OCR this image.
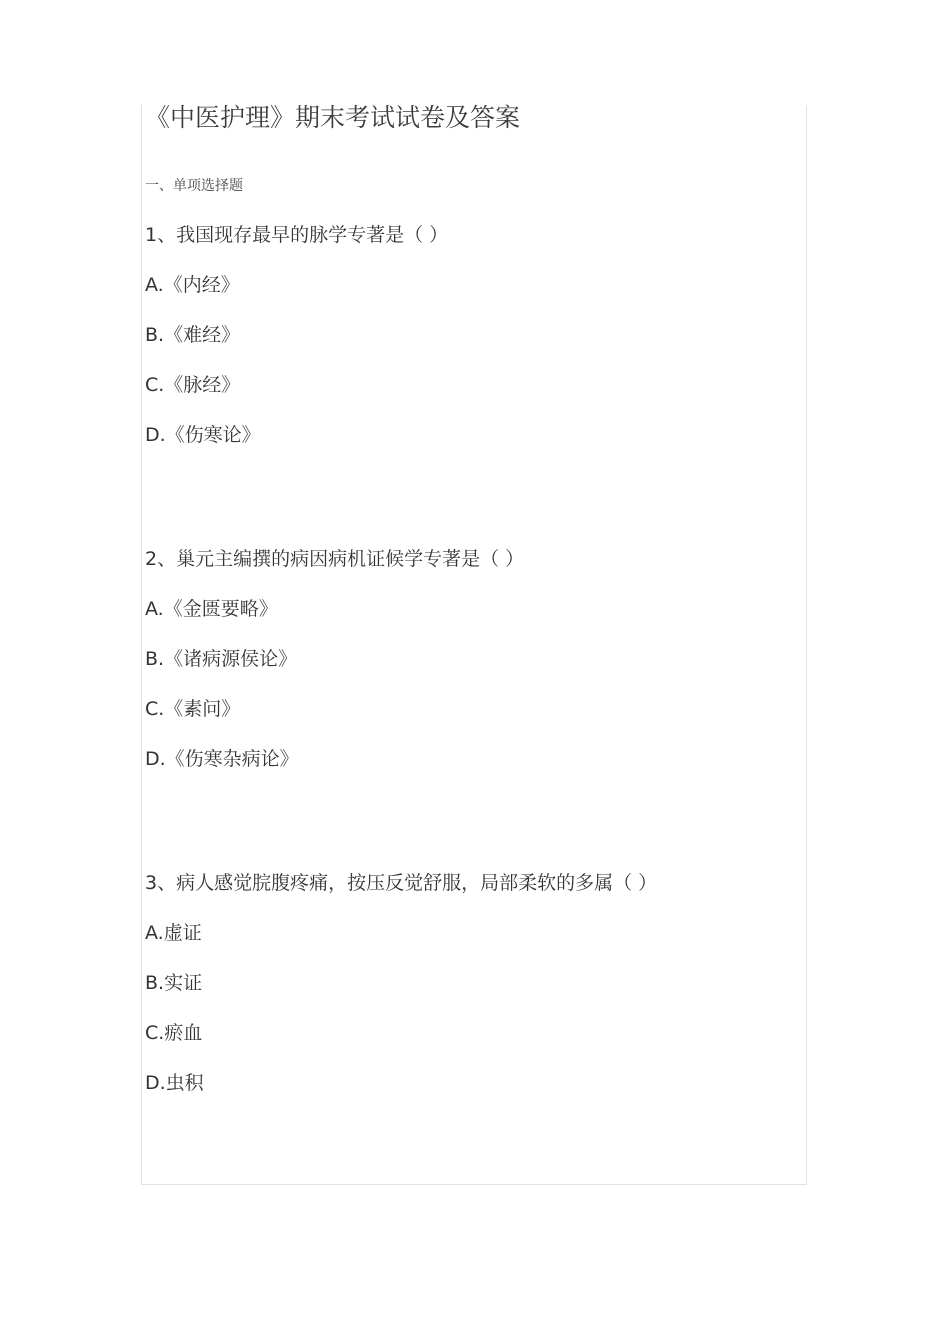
《中医护理》期末考试试卷及答案
一、单项选择题
1、我国现存最早的脉学专著是（ ）
A.《内经》
B.《难经》
C.《脉经》
D.《伤寒论》
2、巢元主编撰的病因病机证候学专著是（ ）
A.《金匮要略》
B.《诸病源侯论》
C.《素问》
D.《伤寒杂病论》
3、病人感觉脘腹疼痛，按压反觉舒服，局部柔软的多属（ ）
A.虚证
B.实证
C.瘀血
D.虫积
